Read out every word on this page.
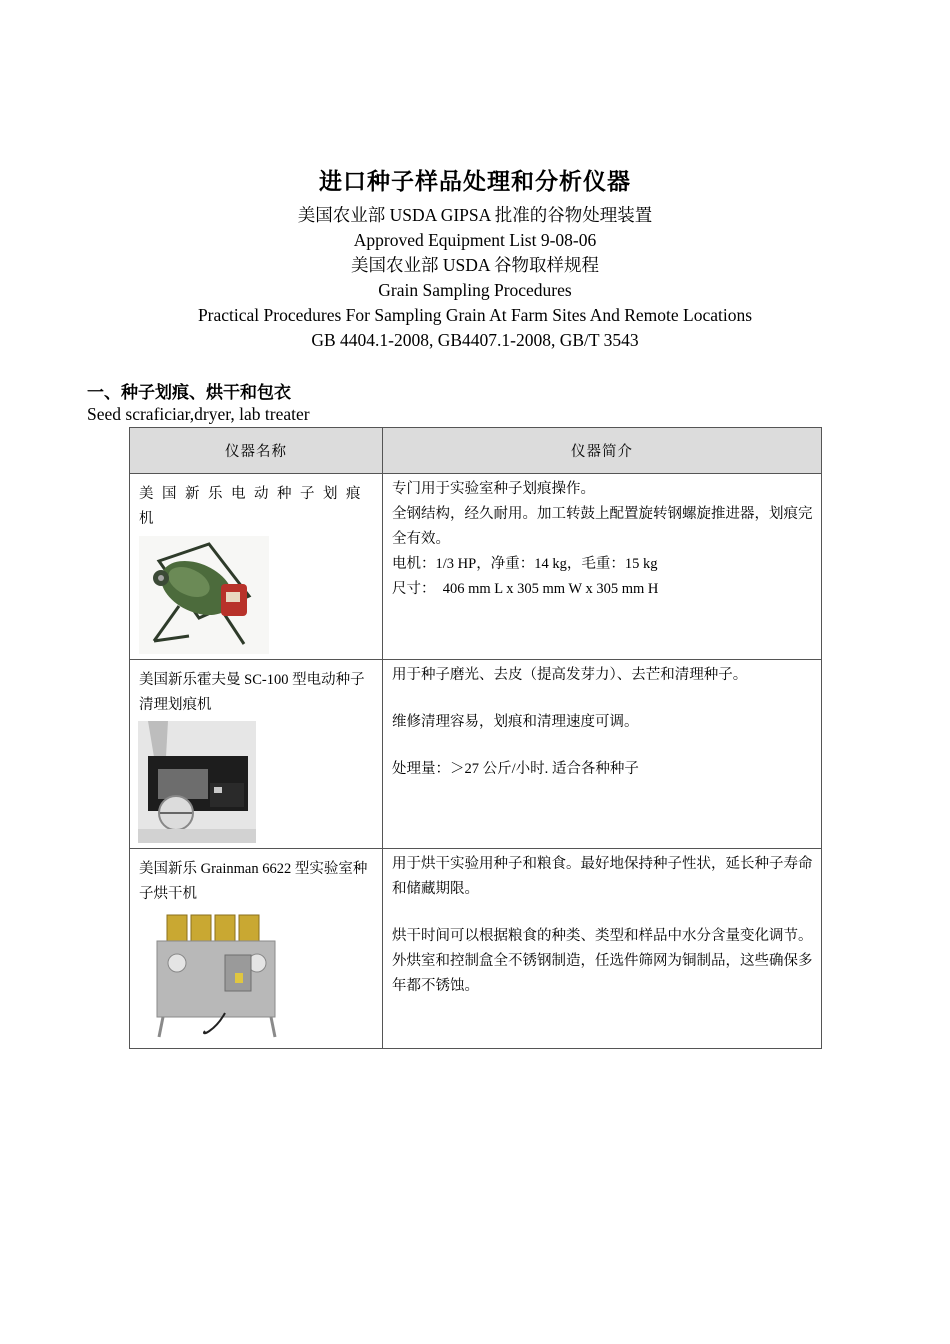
进口种子样品处理和分析仪器
美国农业部 USDA GIPSA 批准的谷物处理装置
Approved Equipment List 9-08-06
美国农业部 USDA 谷物取样规程
Grain Sampling Procedures
Practical Procedures For Sampling Grain At Farm Sites And Remote Locations
GB 4404.1-2008, GB4407.1-2008, GB/T 3543
一、种子划痕、烘干和包衣
Seed scraficiar,dryer, lab treater
仪器名称	仪器简介

美国新乐电动种子划痕机	专门用于实验室种子划痕操作。

全钢结构，经久耐用。加工转鼓上配置旋转钢螺旋推进器，划痕完全有效。

电机：1/3 HP，净重：14 kg，毛重：15 kg

尺寸：  406 mm L x 305 mm W x 305 mm H

美国新乐霍夫曼 SC-100 型电动种子清理划痕机	用于种子磨光、去皮（提高发芽力）、去芒和清理种子。

维修清理容易，划痕和清理速度可调。

处理量：＞27 公斤/小时. 适合各种种子

美国新乐 Grainman 6622 型实验室种子烘干机	用于烘干实验用种子和粮食。最好地保持种子性状，延长种子寿命和储藏期限。

烘干时间可以根据粮食的种类、类型和样品中水分含量变化调节。外烘室和控制盒全不锈钢制造，任选件筛网为铜制品，这些确保多年都不锈蚀。
